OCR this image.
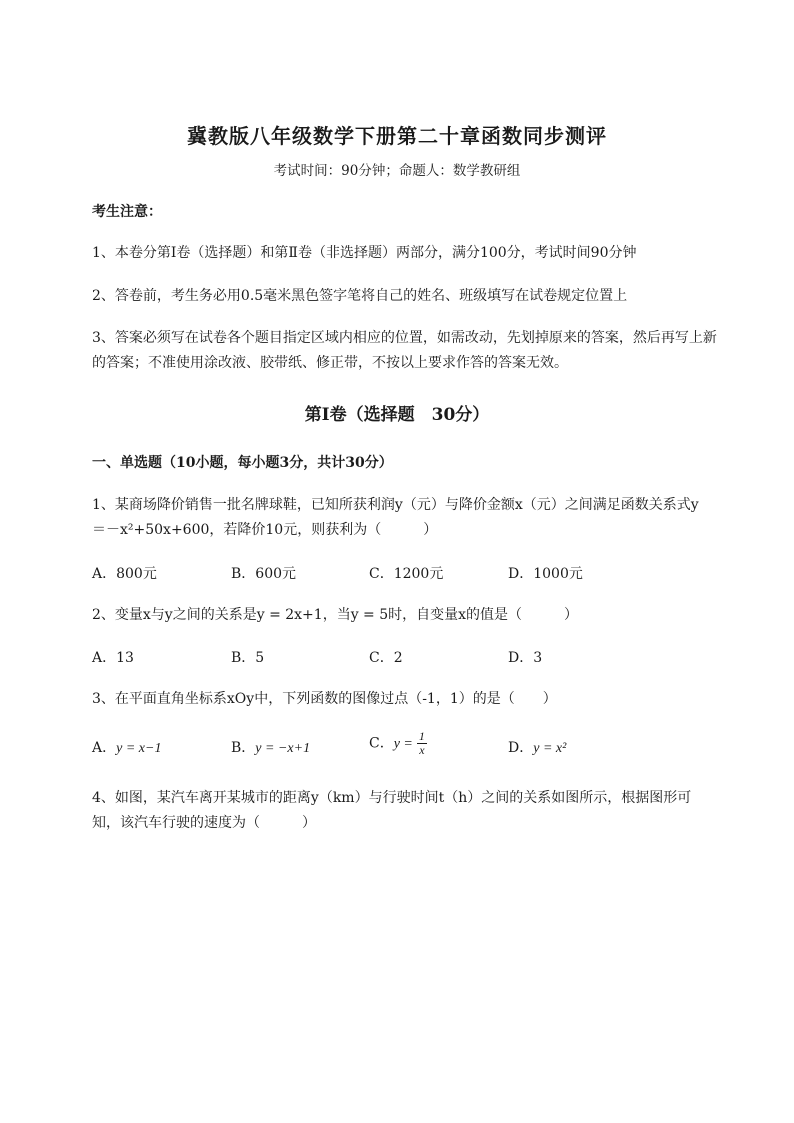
冀教版八年级数学下册第二十章函数同步测评
考试时间：90分钟；命题人：数学教研组
考生注意：
1、本卷分第Ⅰ卷（选择题）和第Ⅱ卷（非选择题）两部分，满分100分，考试时间90分钟
2、答卷前，考生务必用0.5毫米黑色签字笔将自己的姓名、班级填写在试卷规定位置上
3、答案必须写在试卷各个题目指定区域内相应的位置，如需改动，先划掉原来的答案，然后再写上新
的答案；不准使用涂改液、胶带纸、修正带，不按以上要求作答的答案无效。
第Ⅰ卷（选择题　30分）
一、单选题（10小题，每小题3分，共计30分）
1、某商场降价销售一批名牌球鞋，已知所获利润y（元）与降价金额x（元）之间满足函数关系式y
＝－x²+50x+600，若降价10元，则获利为（　　　）
A．800元	B．600元	C．1200元	D．1000元
2、变量x与y之间的关系是y = 2x+1，当y = 5时，自变量x的值是（　　　）
A．13	B．5	C．2	D．3
3、在平面直角坐标系xOy中，下列函数的图像过点（-1，1）的是（　　）
A．y = x−1	B．y = −x+1	C．$y = \frac{1}{x}$	D．y = x²
4、如图，某汽车离开某城市的距离y（km）与行驶时间t（h）之间的关系如图所示，根据图形可
知，该汽车行驶的速度为（　　　）
